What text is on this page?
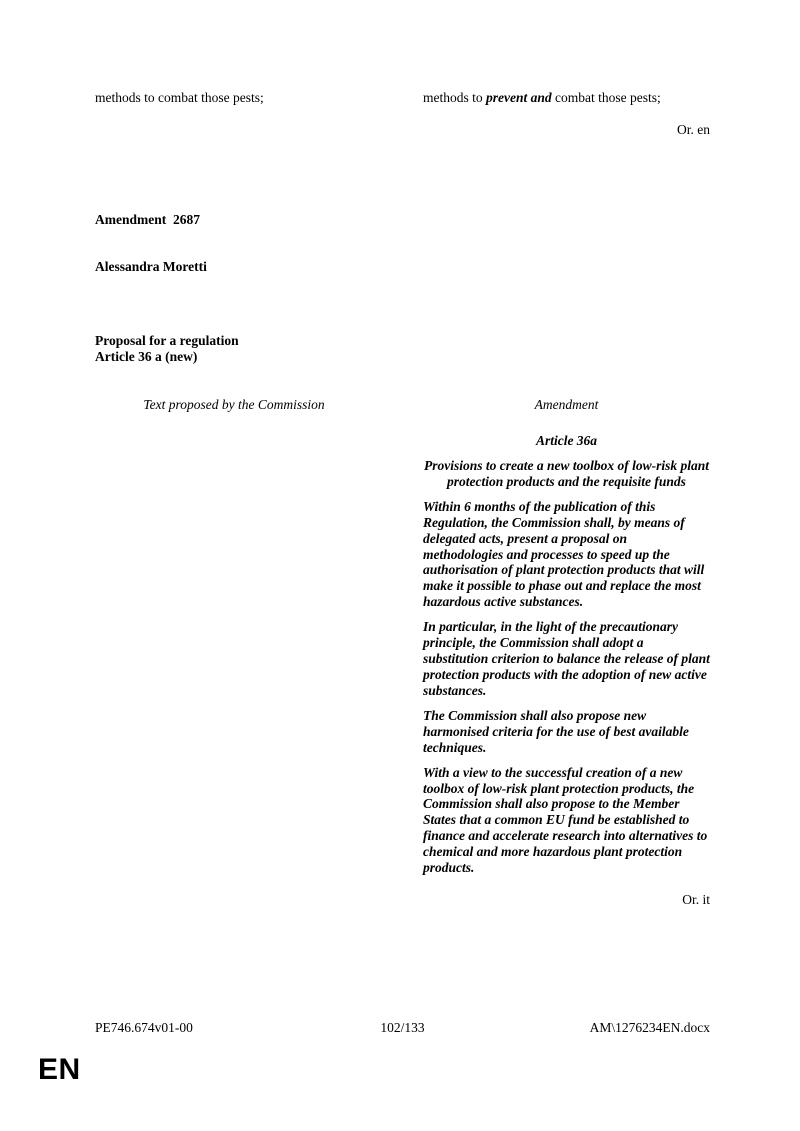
methods to combat those pests;	methods to prevent and combat those pests;

Or. en

Amendment  2687

Alessandra Moretti

Proposal for a regulation

Article 36 a (new)

Text proposed by the Commission	Amendment

Article 36a

Provisions to create a new toolbox of low-risk plant protection products and the requisite funds

Within 6 months of the publication of this Regulation, the Commission shall, by means of delegated acts, present a proposal on methodologies and processes to speed up the authorisation of plant protection products that will make it possible to phase out and replace the most hazardous active substances.

In particular, in the light of the precautionary principle, the Commission shall adopt a substitution criterion to balance the release of plant protection products with the adoption of new active substances.

The Commission shall also propose new harmonised criteria for the use of best available techniques.

With a view to the successful creation of a new toolbox of low-risk plant protection products, the Commission shall also propose to the Member States that a common EU fund be established to finance and accelerate research into alternatives to chemical and more hazardous plant protection products.

Or. it

PE746.674v01-00	102/133	AM\1276234EN.docx
EN
